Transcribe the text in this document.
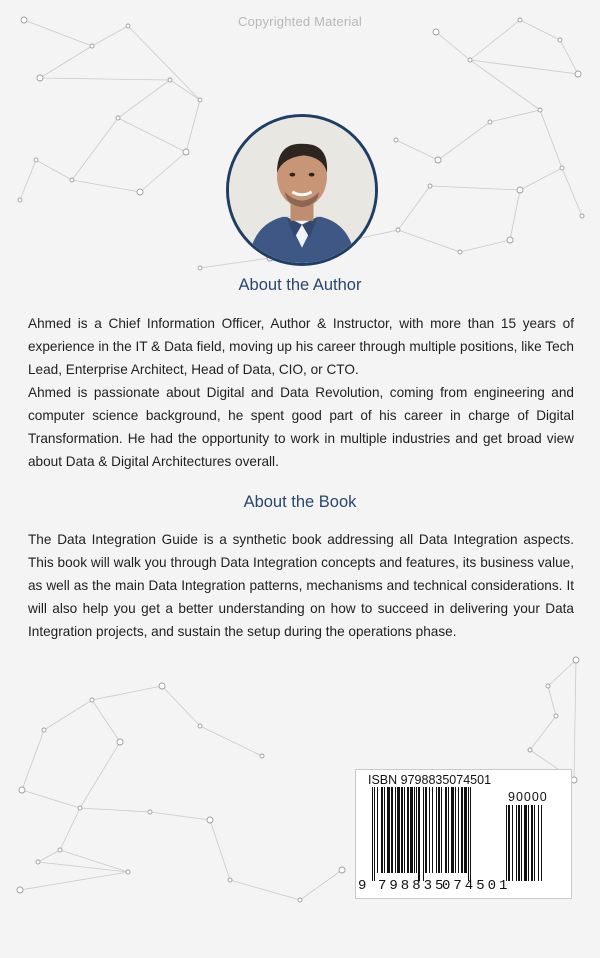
Copyrighted Material
About the Author

Ahmed is a Chief Information Officer, Author & Instructor, with more than 15 years of experience in the IT & Data field, moving up his career through multiple positions, like Tech Lead, Enterprise Architect, Head of Data, CIO, or CTO.

Ahmed is passionate about Digital and Data Revolution, coming from engineering and computer science background, he spent good part of his career in charge of Digital Transformation. He had the opportunity to work in multiple industries and get broad view about Data & Digital Architectures overall.

About the Book

The Data Integration Guide is a synthetic book addressing all Data Integration aspects. This book will walk you through Data Integration concepts and features, its business value, as well as the main Data Integration patterns, mechanisms and technical considerations. It will also help you get a better understanding on how to succeed in delivering your Data Integration projects, and sustain the setup during the operations phase.

ISBN 9798835074501
90000

9

798835

074501
